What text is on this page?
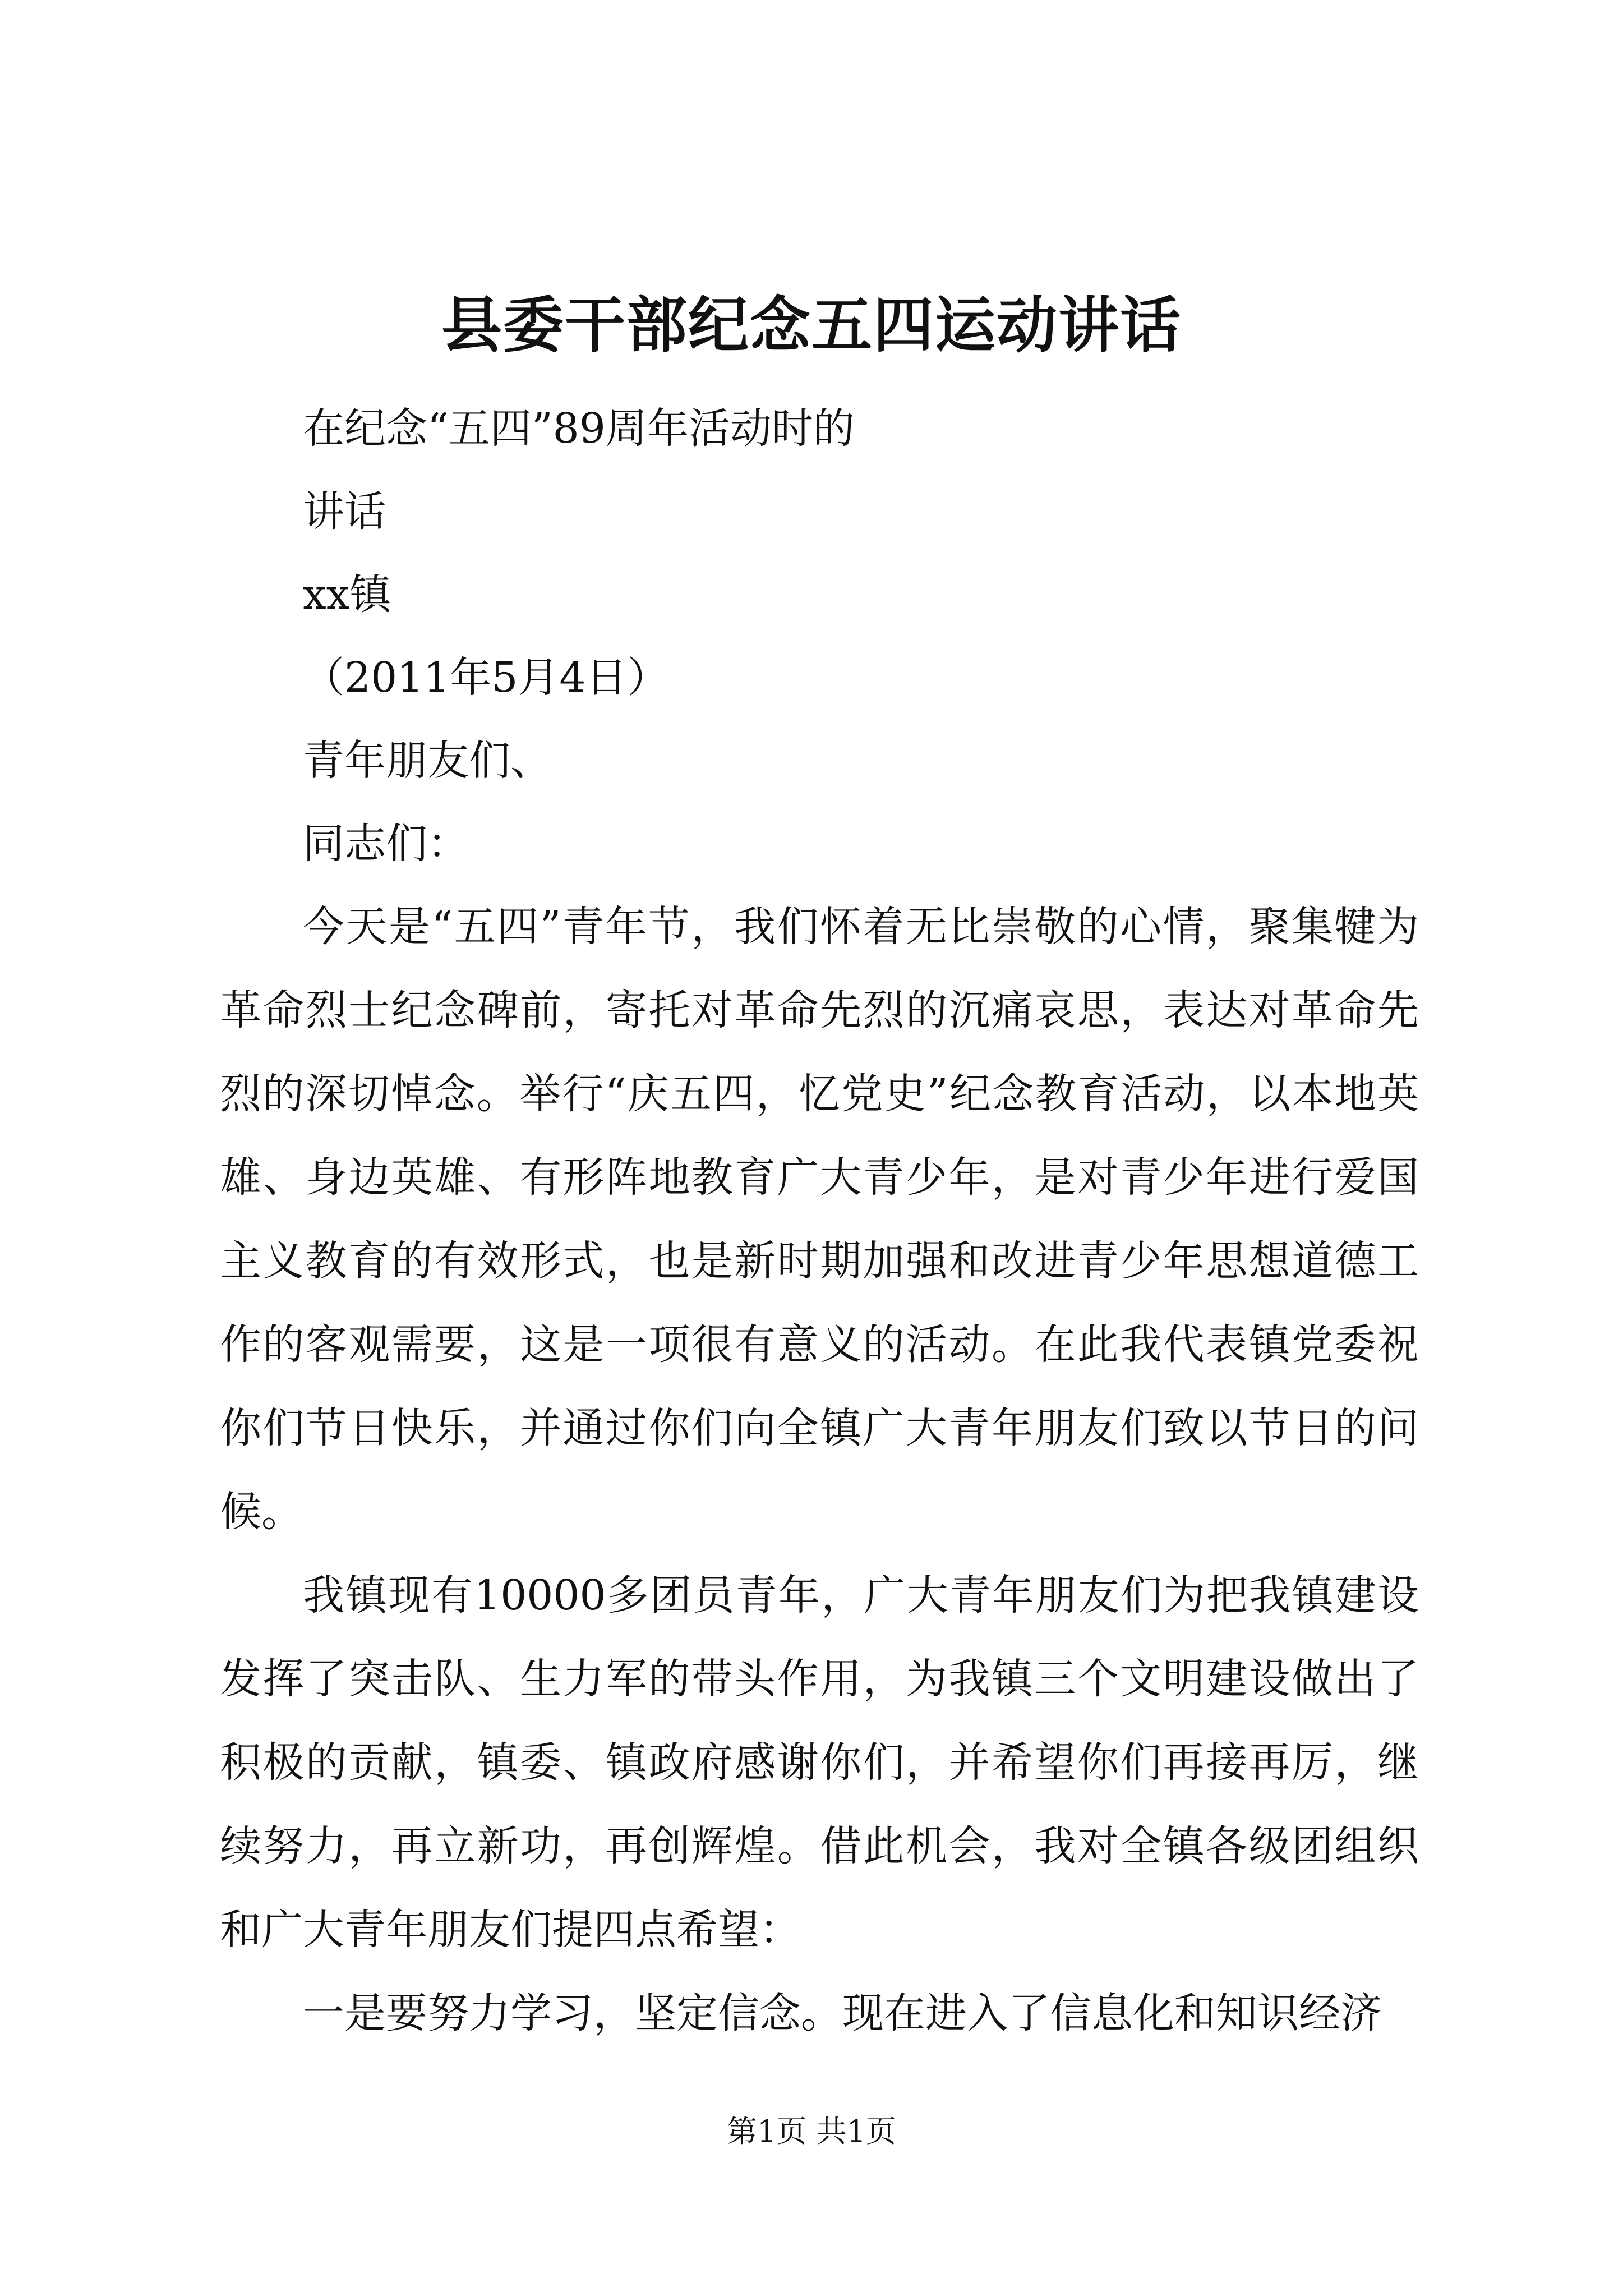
县委干部纪念五四运动讲话

在纪念“五四”89周年活动时的

讲话

xx镇

（2011年5月4日）

青年朋友们、

同志们：

今天是“五四”青年节，我们怀着无比崇敬的心情，聚集犍为革命烈士纪念碑前，寄托对革命先烈的沉痛哀思，表达对革命先烈的深切悼念。举行“庆五四，忆党史”纪念教育活动，以本地英雄、身边英雄、有形阵地教育广大青少年，是对青少年进行爱国主义教育的有效形式，也是新时期加强和改进青少年思想道德工作的客观需要，这是一项很有意义的活动。在此我代表镇党委祝你们节日快乐，并通过你们向全镇广大青年朋友们致以节日的问候。

我镇现有10000多团员青年，广大青年朋友们为把我镇建设发挥了突击队、生力军的带头作用，为我镇三个文明建设做出了积极的贡献，镇委、镇政府感谢你们，并希望你们再接再厉，继续努力，再立新功，再创辉煌。借此机会，我对全镇各级团组织和广大青年朋友们提四点希望：

一是要努力学习，坚定信念。现在进入了信息化和知识经济

第1页 共1页
